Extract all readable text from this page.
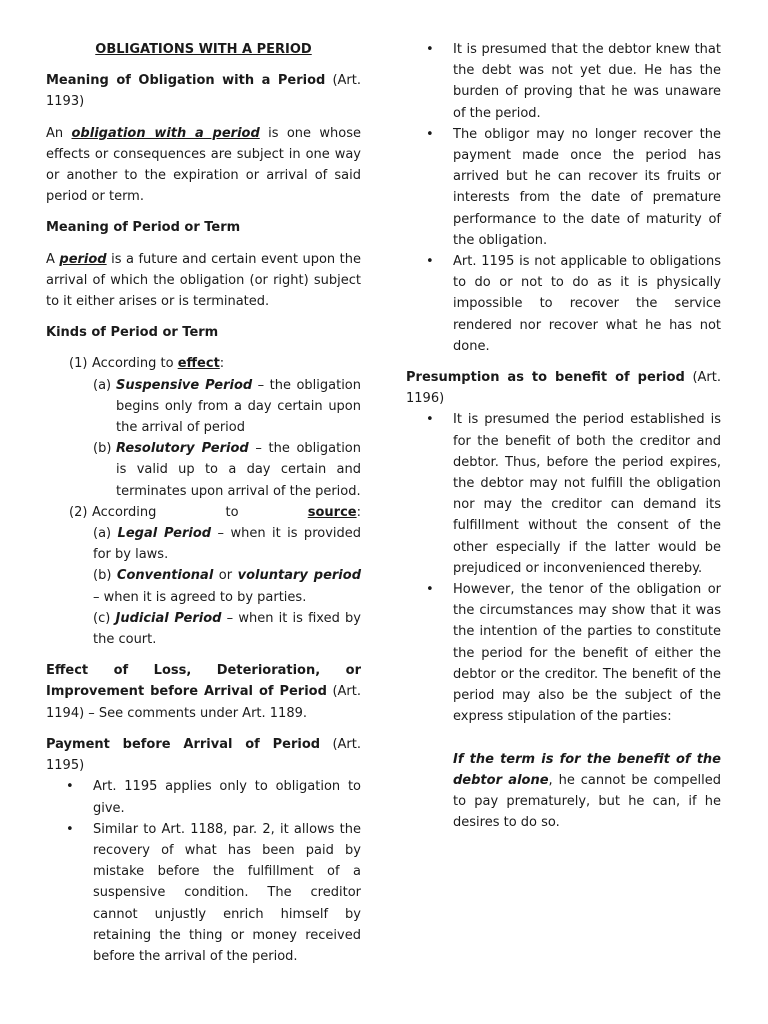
OBLIGATIONS WITH A PERIOD

Meaning of Obligation with a Period (Art. 1193)

An obligation with a period is one whose effects or consequences are subject in one way or another to the expiration or arrival of said period or term.

Meaning of Period or Term

A period is a future and certain event upon the arrival of which the obligation (or right) subject to it either arises or is terminated.

Kinds of Period or Term

(1) According to effect:

(a) Suspensive Period – the obligation begins only from a day certain upon the arrival of period

(b) Resolutory Period – the obligation is valid up to a day certain and terminates upon arrival of the period.

(2) According	to	source:

(a) Legal Period – when it is provided for by laws.

(b) Conventional or voluntary period – when it is agreed to by parties.

(c) Judicial Period – when it is fixed by the court.

Effect of Loss, Deterioration, or Improvement before Arrival of Period (Art. 1194) – See comments under Art. 1189.

Payment before Arrival of Period (Art. 1195)

• Art. 1195 applies only to obligation to give.
• Similar to Art. 1188, par. 2, it allows the recovery of what has been paid by mistake before the fulfillment of a suspensive condition. The creditor cannot unjustly enrich himself by retaining the thing or money received before the arrival of the period.
• It is presumed that the debtor knew that the debt was not yet due. He has the burden of proving that he was unaware of the period.
• The obligor may no longer recover the payment made once the period has arrived but he can recover its fruits or interests from the date of premature performance to the date of maturity of the obligation.
• Art. 1195 is not applicable to obligations to do or not to do as it is physically impossible to recover the service rendered nor recover what he has not done.

Presumption as to benefit of period (Art. 1196)

• It is presumed the period established is for the benefit of both the creditor and debtor. Thus, before the period expires, the debtor may not fulfill the obligation nor may the creditor can demand its fulfillment without the consent of the other especially if the latter would be prejudiced or inconvenienced thereby.
• However, the tenor of the obligation or the circumstances may show that it was the intention of the parties to constitute the period for the benefit of either the debtor or the creditor. The benefit of the period may also be the subject of the express stipulation of the parties:

If the term is for the benefit of the debtor alone, he cannot be compelled to pay prematurely, but he can, if he desires to do so.
